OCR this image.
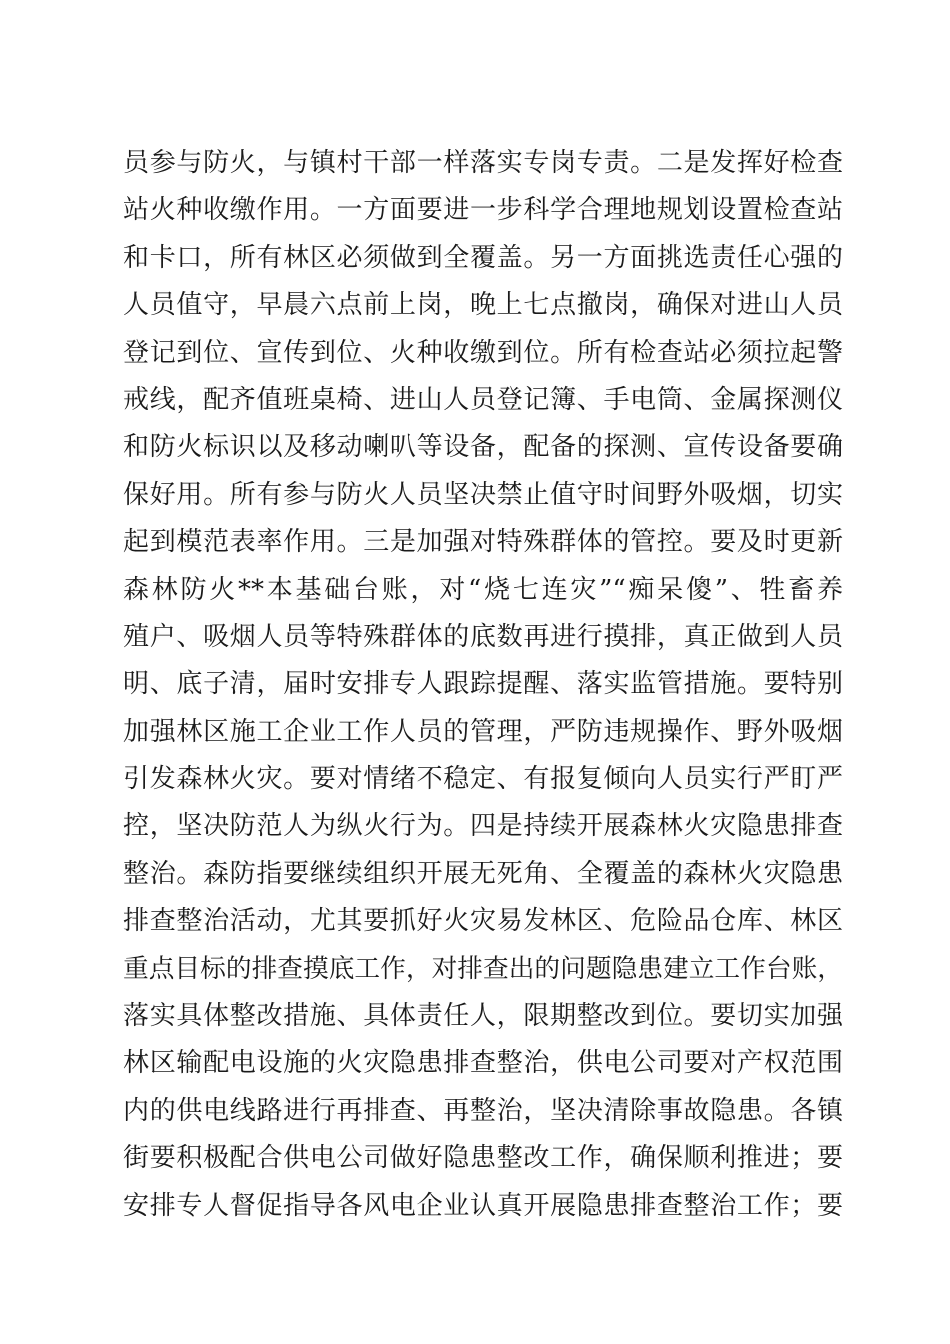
员参与防火，与镇村干部一样落实专岗专责。二是发挥好检查
站火种收缴作用。一方面要进一步科学合理地规划设置检查站
和卡口，所有林区必须做到全覆盖。另一方面挑选责任心强的
人员值守，早晨六点前上岗，晚上七点撤岗，确保对进山人员
登记到位、宣传到位、火种收缴到位。所有检查站必须拉起警
戒线，配齐值班桌椅、进山人员登记簿、手电筒、金属探测仪
和防火标识以及移动喇叭等设备，配备的探测、宣传设备要确
保好用。所有参与防火人员坚决禁止值守时间野外吸烟，切实
起到模范表率作用。三是加强对特殊群体的管控。要及时更新
森林防火**本基础台账，对“烧七连灾”“痴呆傻”、牲畜养
殖户、吸烟人员等特殊群体的底数再进行摸排，真正做到人员
明、底子清，届时安排专人跟踪提醒、落实监管措施。要特别
加强林区施工企业工作人员的管理，严防违规操作、野外吸烟
引发森林火灾。要对情绪不稳定、有报复倾向人员实行严盯严
控，坚决防范人为纵火行为。四是持续开展森林火灾隐患排查
整治。森防指要继续组织开展无死角、全覆盖的森林火灾隐患
排查整治活动，尤其要抓好火灾易发林区、危险品仓库、林区
重点目标的排查摸底工作，对排查出的问题隐患建立工作台账，
落实具体整改措施、具体责任人，限期整改到位。要切实加强
林区输配电设施的火灾隐患排查整治，供电公司要对产权范围
内的供电线路进行再排查、再整治，坚决清除事故隐患。各镇
街要积极配合供电公司做好隐患整改工作，确保顺利推进；要
安排专人督促指导各风电企业认真开展隐患排查整治工作；要
